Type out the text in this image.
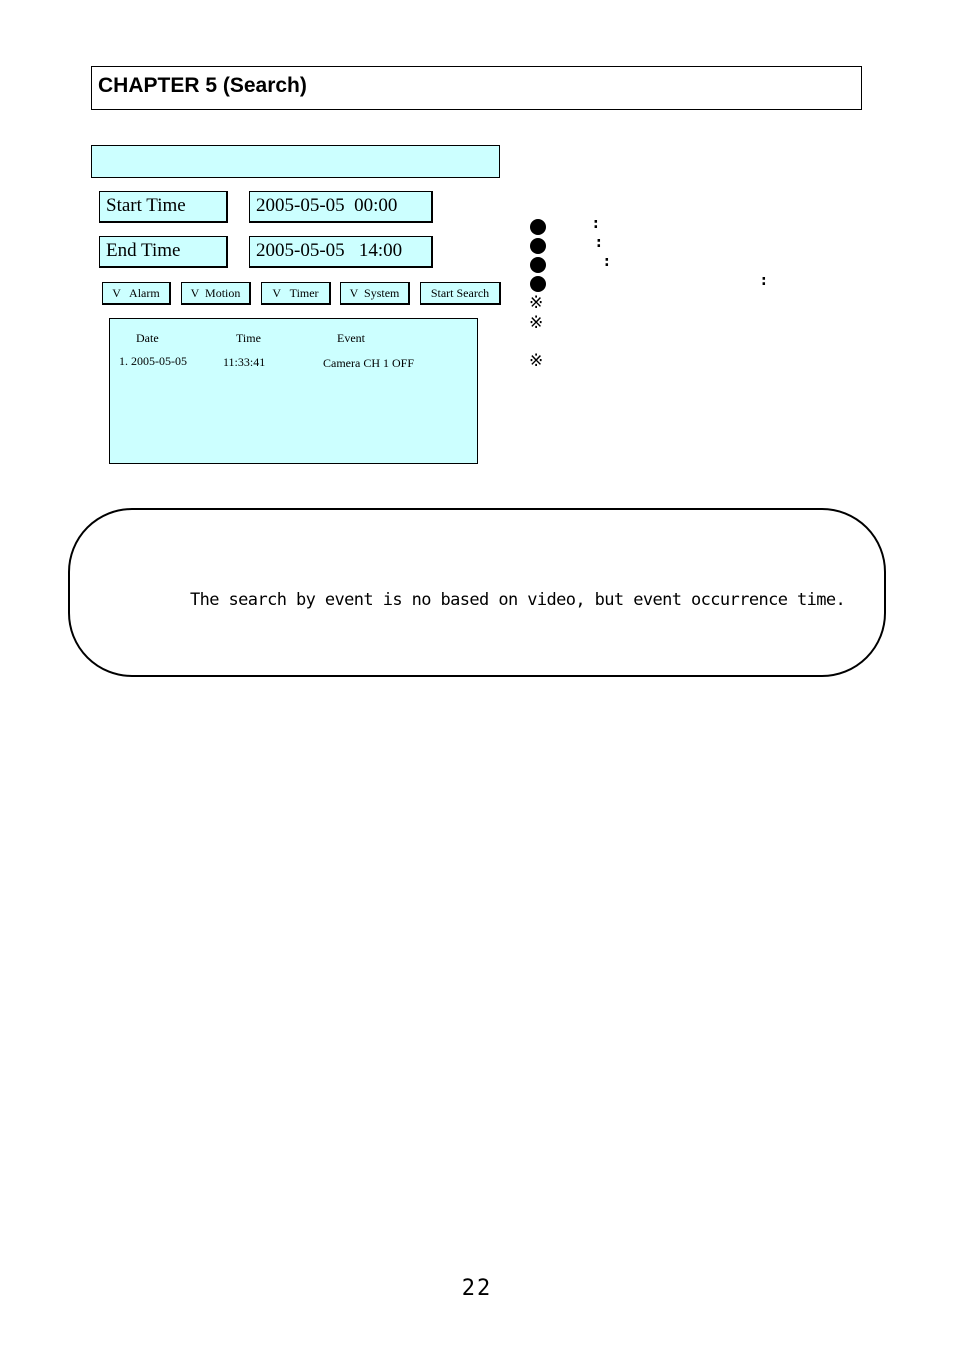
CHAPTER 5 (Search)
Start Time	2005-05-05  00:00
End Time	2005-05-05   14:00
V   Alarm	V  Motion	V   Timer	V  System	Start Search
Date	Time	Event
1. 2005-05-05	11:33:41	Camera CH 1 OFF
:
:
:
:
※
※
※
The search by event is no based on video, but event occurrence time.
22
